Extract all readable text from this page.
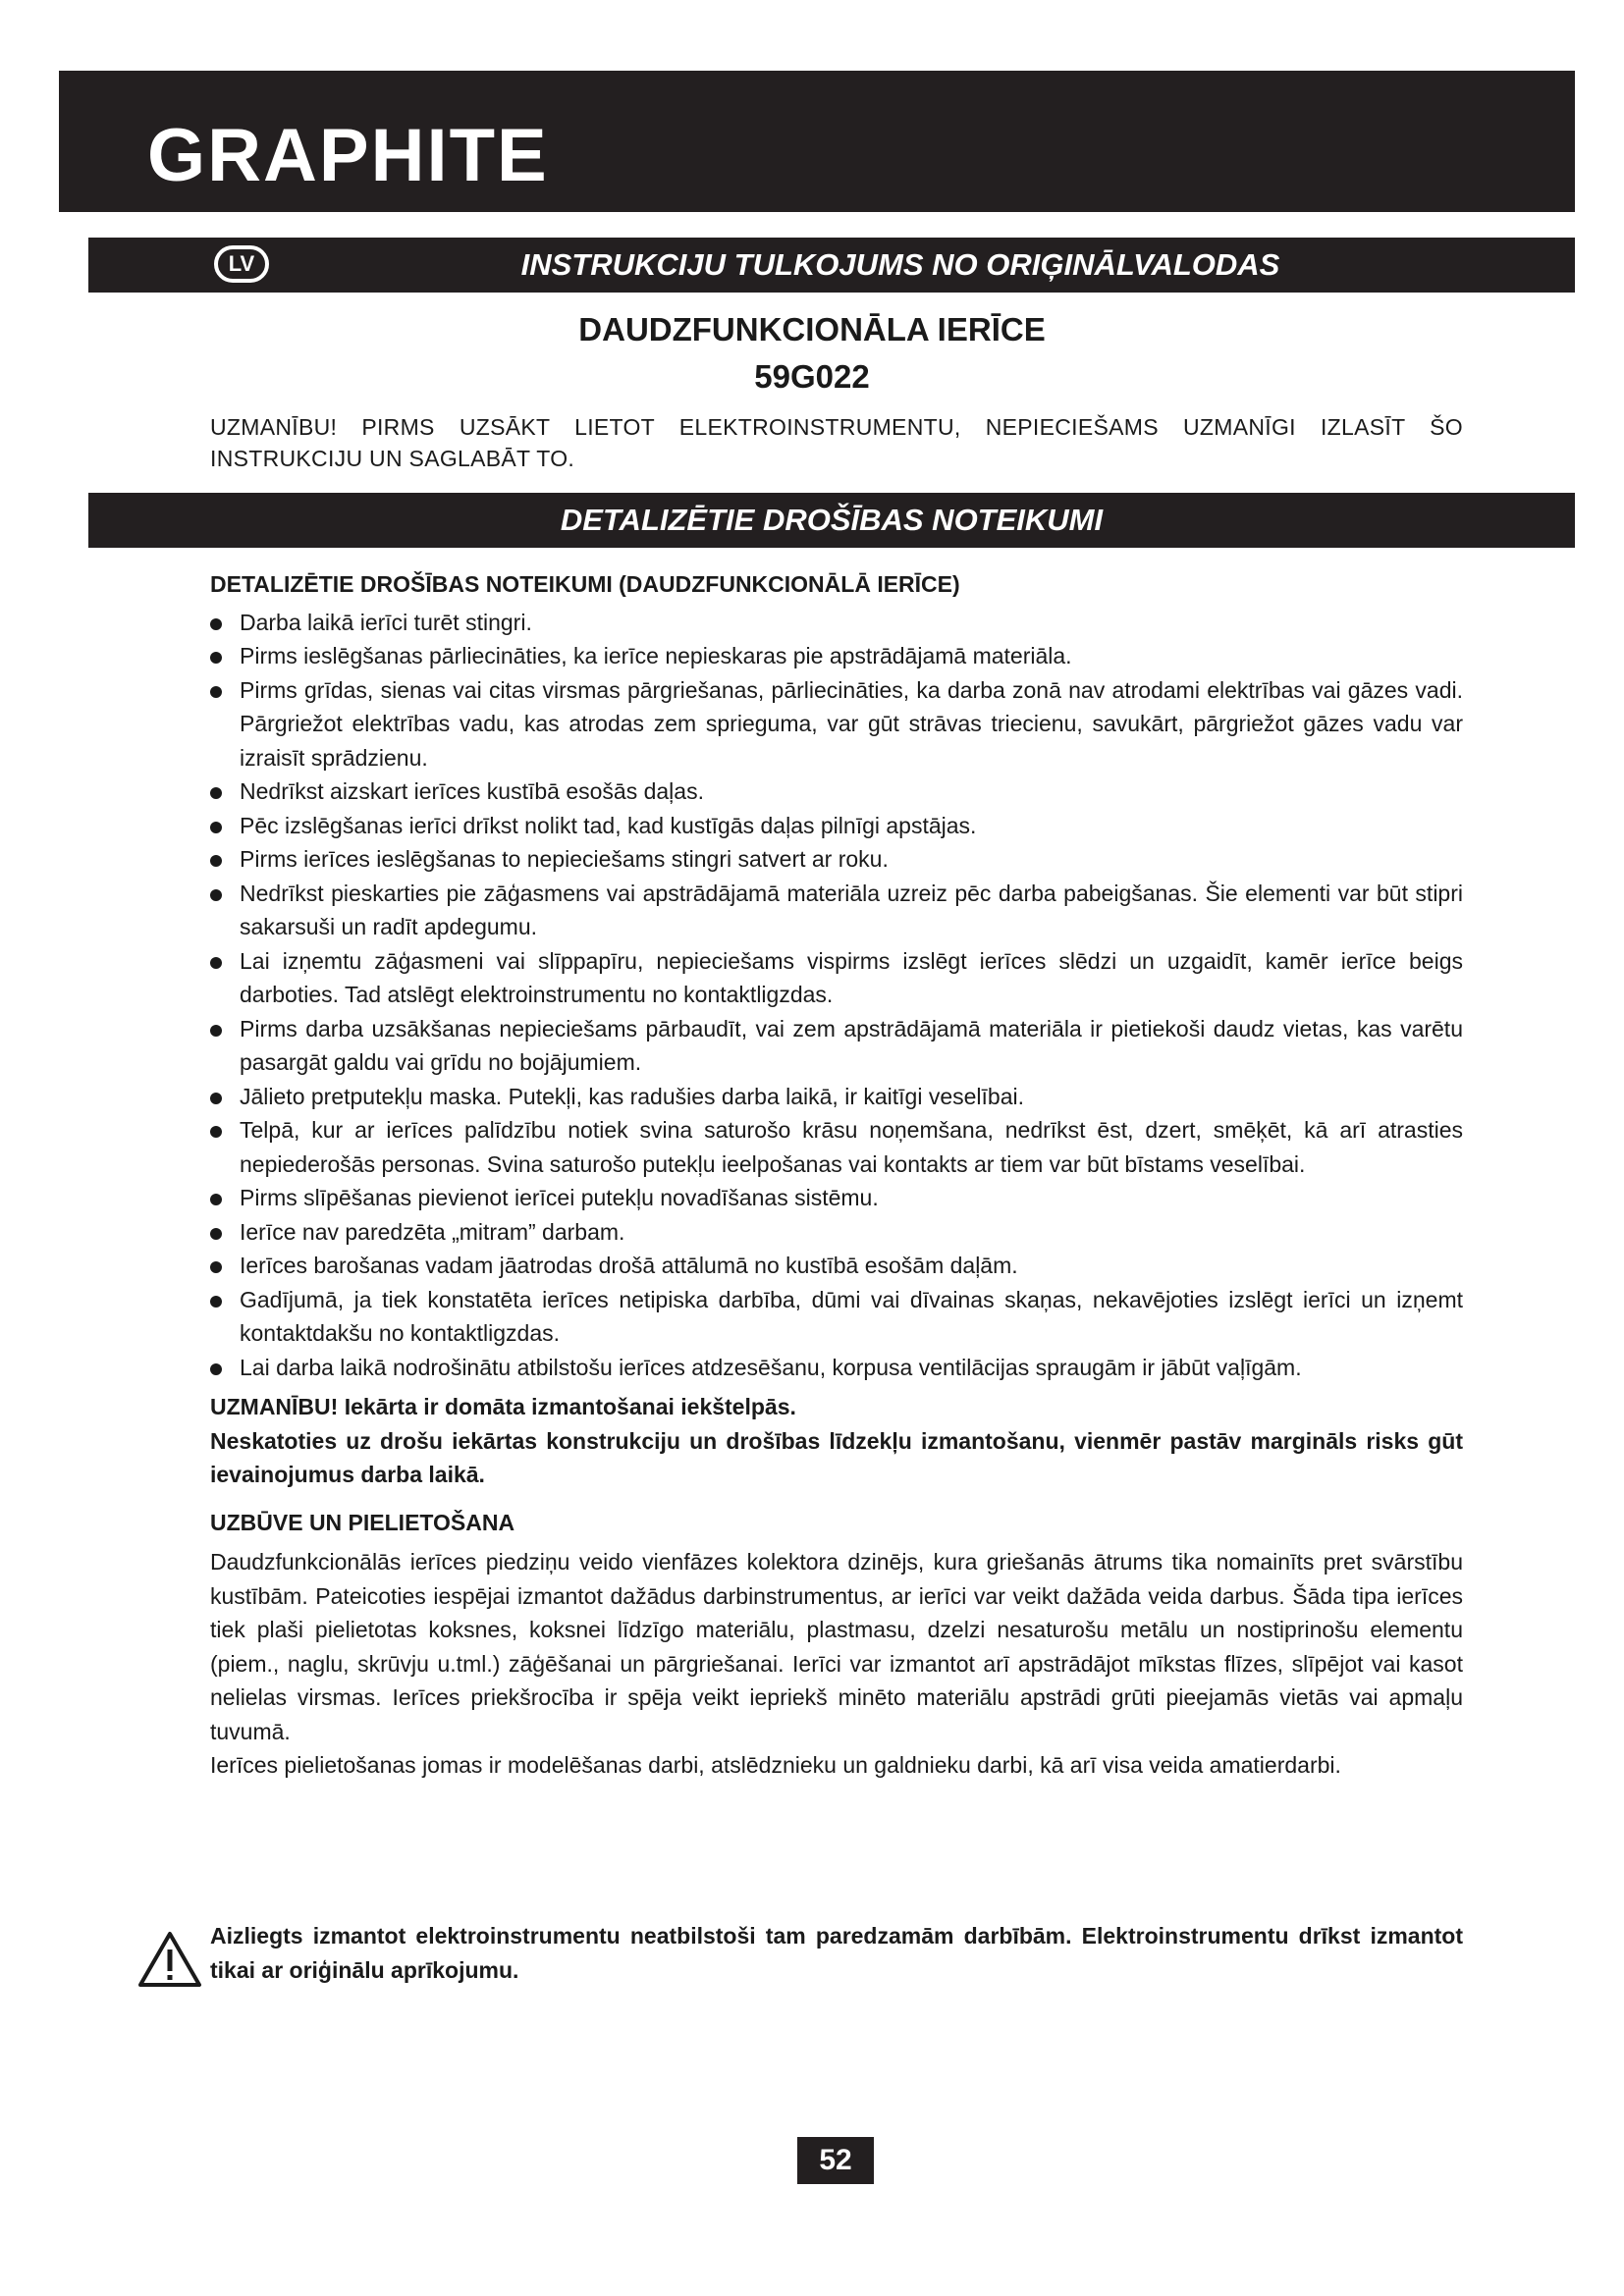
GRAPHITE
LV	INSTRUKCIJU TULKOJUMS NO ORIĢINĀLVALODAS
DAUDZFUNKCIONĀLA IERĪCE
59G022
UZMANĪBU! PIRMS UZSĀKT LIETOT ELEKTROINSTRUMENTU, NEPIECIEŠAMS UZMANĪGI IZLASĪT ŠO INSTRUKCIJU UN SAGLABĀT TO.
DETALIZĒTIE DROŠĪBAS NOTEIKUMI
DETALIZĒTIE DROŠĪBAS NOTEIKUMI (DAUDZFUNKCIONĀLĀ IERĪCE)
Darba laikā ierīci turēt stingri.
Pirms ieslēgšanas pārliecināties, ka ierīce nepieskaras pie apstrādājamā materiāla.
Pirms grīdas, sienas vai citas virsmas pārgriešanas, pārliecināties, ka darba zonā nav atrodami elektrības vai gāzes vadi. Pārgriežot elektrības vadu, kas atrodas zem sprieguma, var gūt strāvas triecienu, savukārt, pārgriežot gāzes vadu var izraisīt sprādzienu.
Nedrīkst aizskart ierīces kustībā esošās daļas.
Pēc izslēgšanas ierīci drīkst nolikt tad, kad kustīgās daļas pilnīgi apstājas.
Pirms ierīces ieslēgšanas to nepieciešams stingri satvert ar roku.
Nedrīkst pieskarties pie zāģasmens vai apstrādājamā materiāla uzreiz pēc darba pabeigšanas. Šie elementi var būt stipri sakarsuši un radīt apdegumu.
Lai izņemtu zāģasmeni vai slīppapīru, nepieciešams vispirms izslēgt ierīces slēdzi un uzgaidīt, kamēr ierīce beigs darboties. Tad atslēgt elektroinstrumentu no kontaktligzdas.
Pirms darba uzsākšanas nepieciešams pārbaudīt, vai zem apstrādājamā materiāla ir pietiekoši daudz vietas, kas varētu pasargāt galdu vai grīdu no bojājumiem.
Jālieto pretputekļu maska. Putekļi, kas radušies darba laikā, ir kaitīgi veselībai.
Telpā, kur ar ierīces palīdzību notiek svina saturošo krāsu noņemšana, nedrīkst ēst, dzert, smēķēt, kā arī atrasties nepiederošās personas. Svina saturošo putekļu ieelpošanas vai kontakts ar tiem var būt bīstams veselībai.
Pirms slīpēšanas pievienot ierīcei putekļu novadīšanas sistēmu.
Ierīce nav paredzēta „mitram” darbam.
Ierīces barošanas vadam jāatrodas drošā attālumā no kustībā esošām daļām.
Gadījumā, ja tiek konstatēta ierīces netipiska darbība, dūmi vai dīvainas skaņas, nekavējoties izslēgt ierīci un izņemt kontaktdakšu no kontaktligzdas.
Lai darba laikā nodrošinātu atbilstošu ierīces atdzesēšanu, korpusa ventilācijas spraugām ir jābūt vaļīgām.
UZMANĪBU! Iekārta ir domāta izmantošanai iekštelpās.
Neskatoties uz drošu iekārtas konstrukciju un drošības līdzekļu izmantošanu, vienmēr pastāv margināls risks gūt ievainojumus darba laikā.
UZBŪVE UN PIELIETOŠANA

Daudzfunkcionālās ierīces piedziņu veido vienfāzes kolektora dzinējs, kura griešanās ātrums tika nomainīts pret svārstību kustībām. Pateicoties iespējai izmantot dažādus darbinstrumentus, ar ierīci var veikt dažāda veida darbus. Šāda tipa ierīces tiek plaši pielietotas koksnes, koksnei līdzīgo materiālu, plastmasu, dzelzi nesaturošu metālu un nostiprinošu elementu (piem., naglu, skrūvju u.tml.) zāģēšanai un pārgriešanai. Ierīci var izmantot arī apstrādājot mīkstas flīzes, slīpējot vai kasot nelielas virsmas. Ierīces priekšrocība ir spēja veikt iepriekš minēto materiālu apstrādi grūti pieejamās vietās vai apmaļu tuvumā.

Ierīces pielietošanas jomas ir modelēšanas darbi, atslēdznieku un galdnieku darbi, kā arī visa veida amatierdarbi.

Aizliegts izmantot elektroinstrumentu neatbilstoši tam paredzamām darbībām. Elektroinstrumentu drīkst izmantot tikai ar oriģinālu aprīkojumu.
52
